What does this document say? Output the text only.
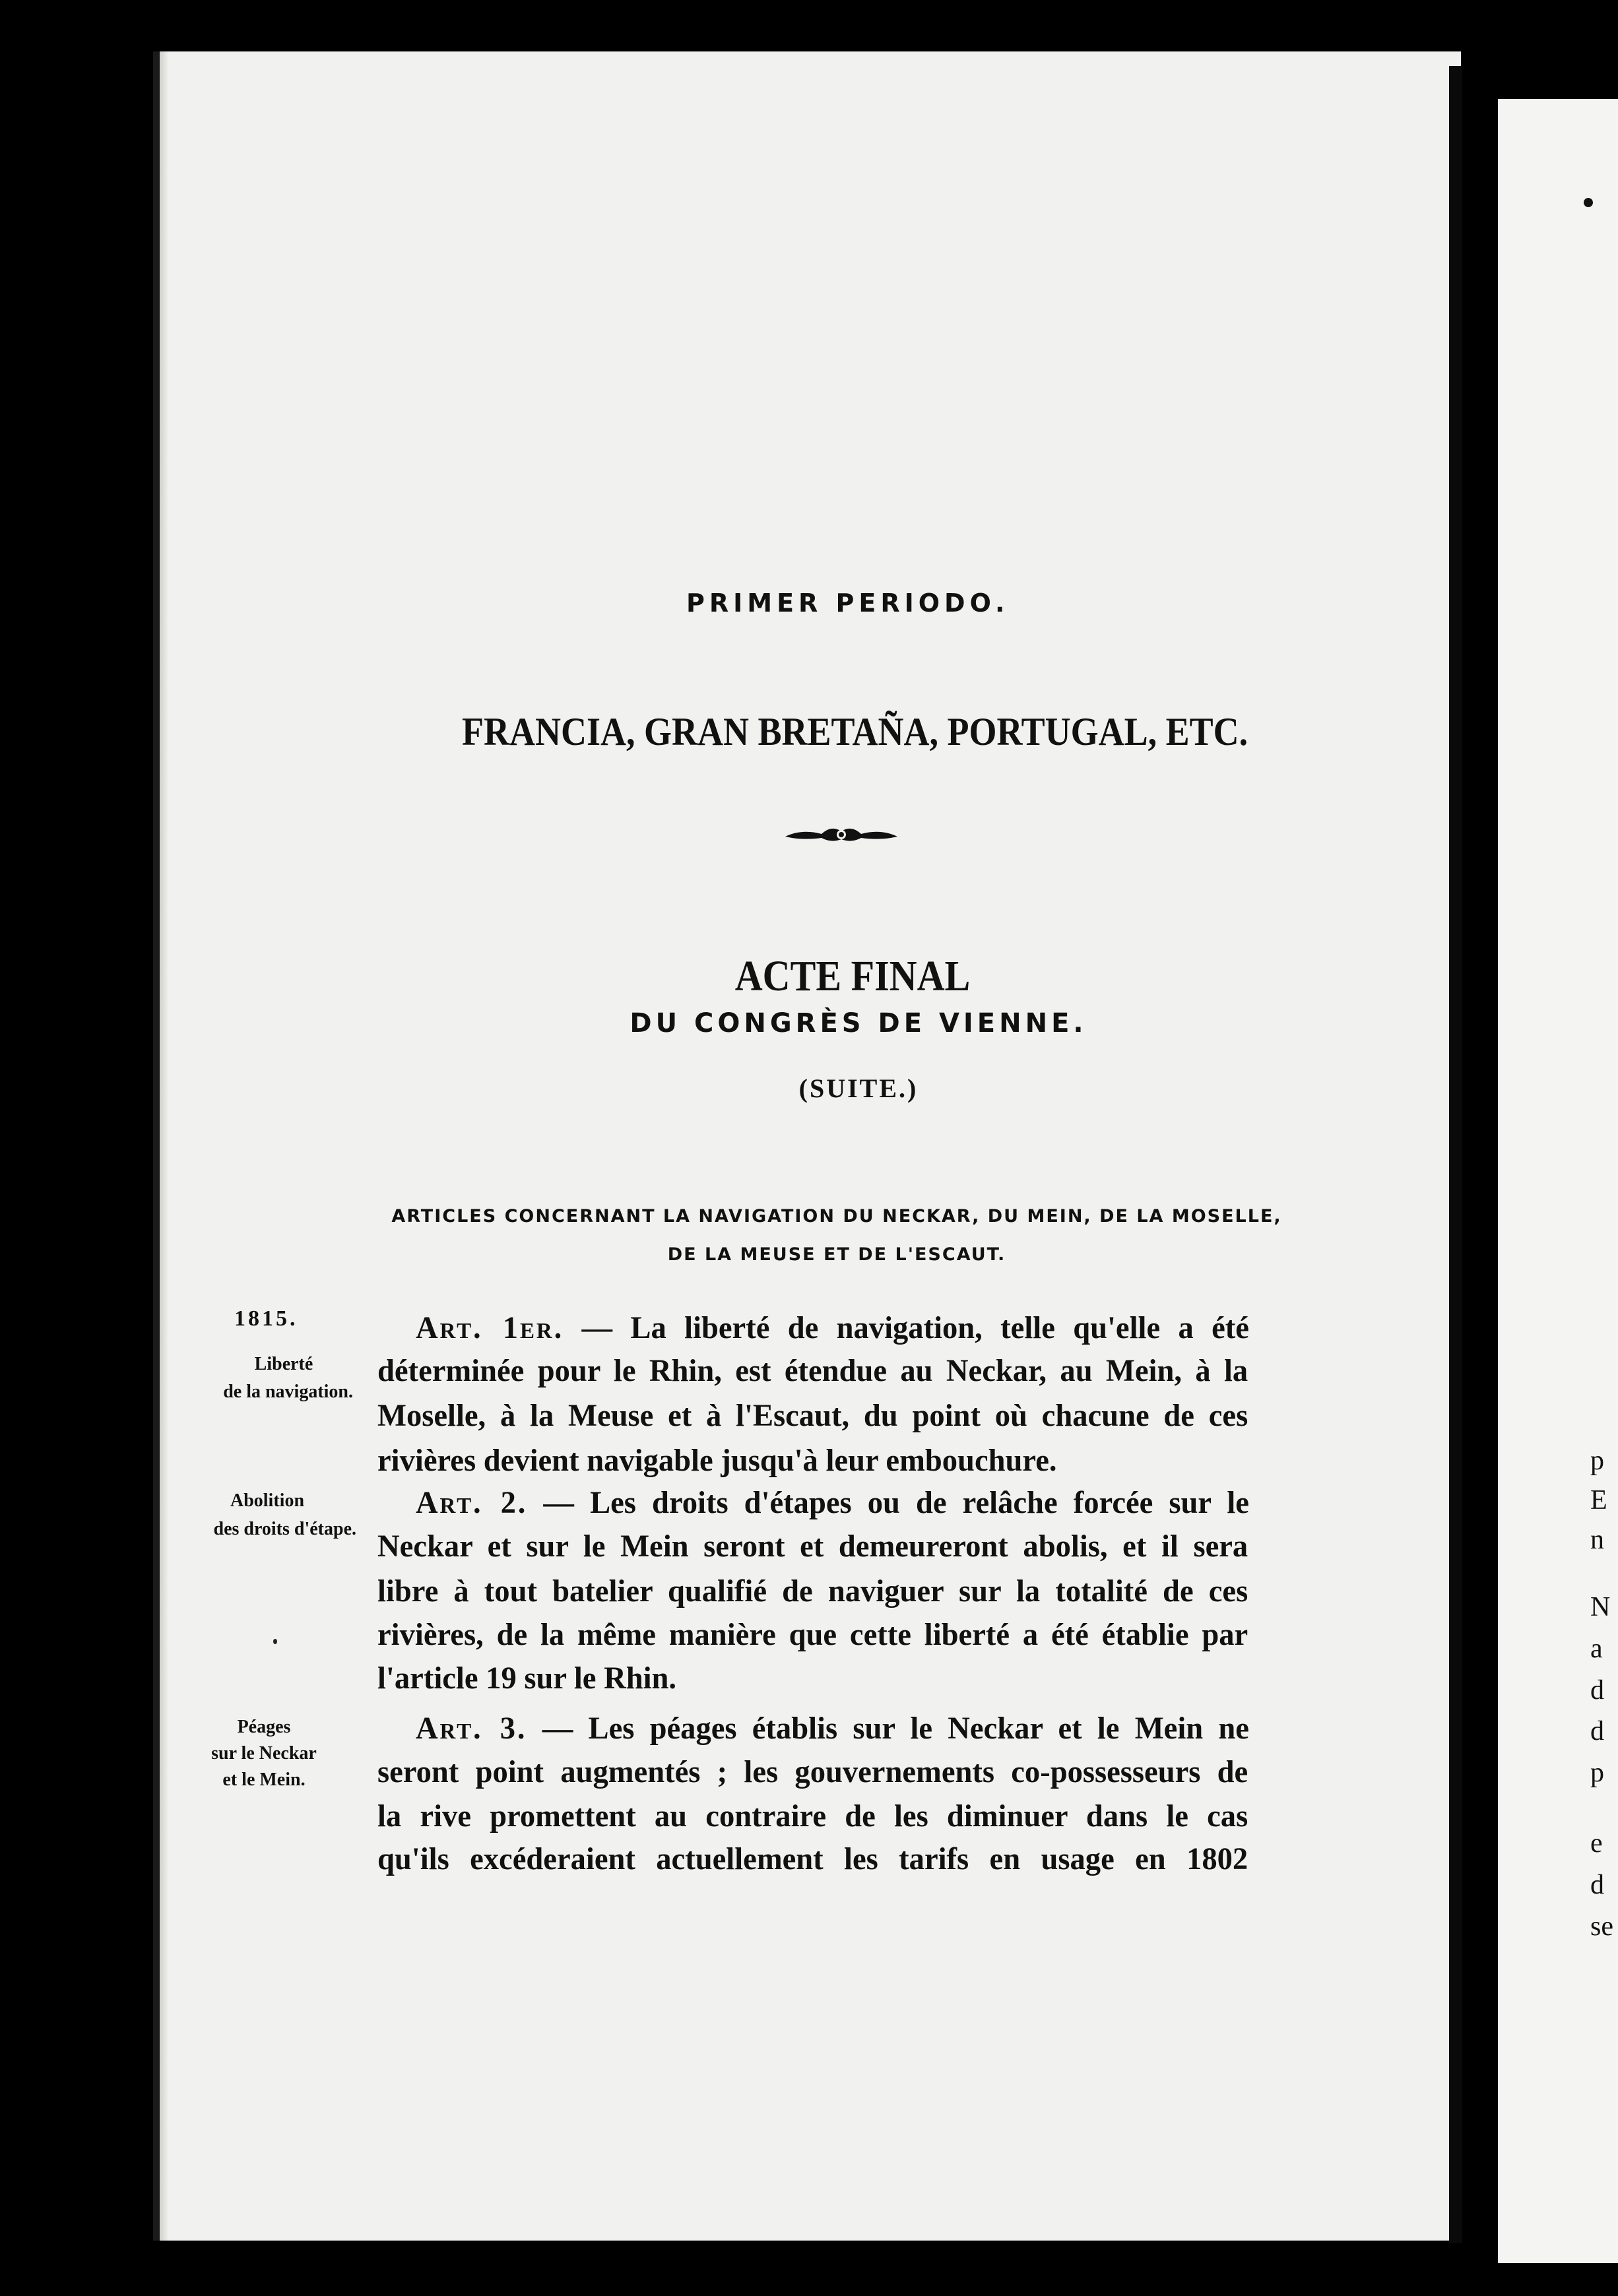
p
E
n
N
a
d
d
p
e
d
se
PRIMER PERIODO.
FRANCIA, GRAN BRETAÑA, PORTUGAL, ETC.
ACTE FINAL
DU CONGRÈS DE VIENNE.
(SUITE.)
ARTICLES CONCERNANT LA NAVIGATION DU NECKAR, DU MEIN, DE LA MOSELLE,
DE LA MEUSE ET DE L'ESCAUT.
1815.
Liberté
de la navigation.
Abolition
des droits d'étape.
Péages
sur le Neckar
et le Mein.
Art. 1er. — La liberté de navigation, telle qu'elle a été
déterminée pour le Rhin, est étendue au Neckar, au Mein, à la
Moselle, à la Meuse et à l'Escaut, du point où chacune de ces
rivières devient navigable jusqu'à leur embouchure.
Art. 2. — Les droits d'étapes ou de relâche forcée sur le
Neckar et sur le Mein seront et demeureront abolis, et il sera
libre à tout batelier qualifié de naviguer sur la totalité de ces
rivières, de la même manière que cette liberté a été établie par
l'article 19 sur le Rhin.
Art. 3. — Les péages établis sur le Neckar et le Mein ne
seront point augmentés ; les gouvernements co-possesseurs de
la rive promettent au contraire de les diminuer dans le cas
qu'ils excéderaient actuellement les tarifs en usage en 1802
